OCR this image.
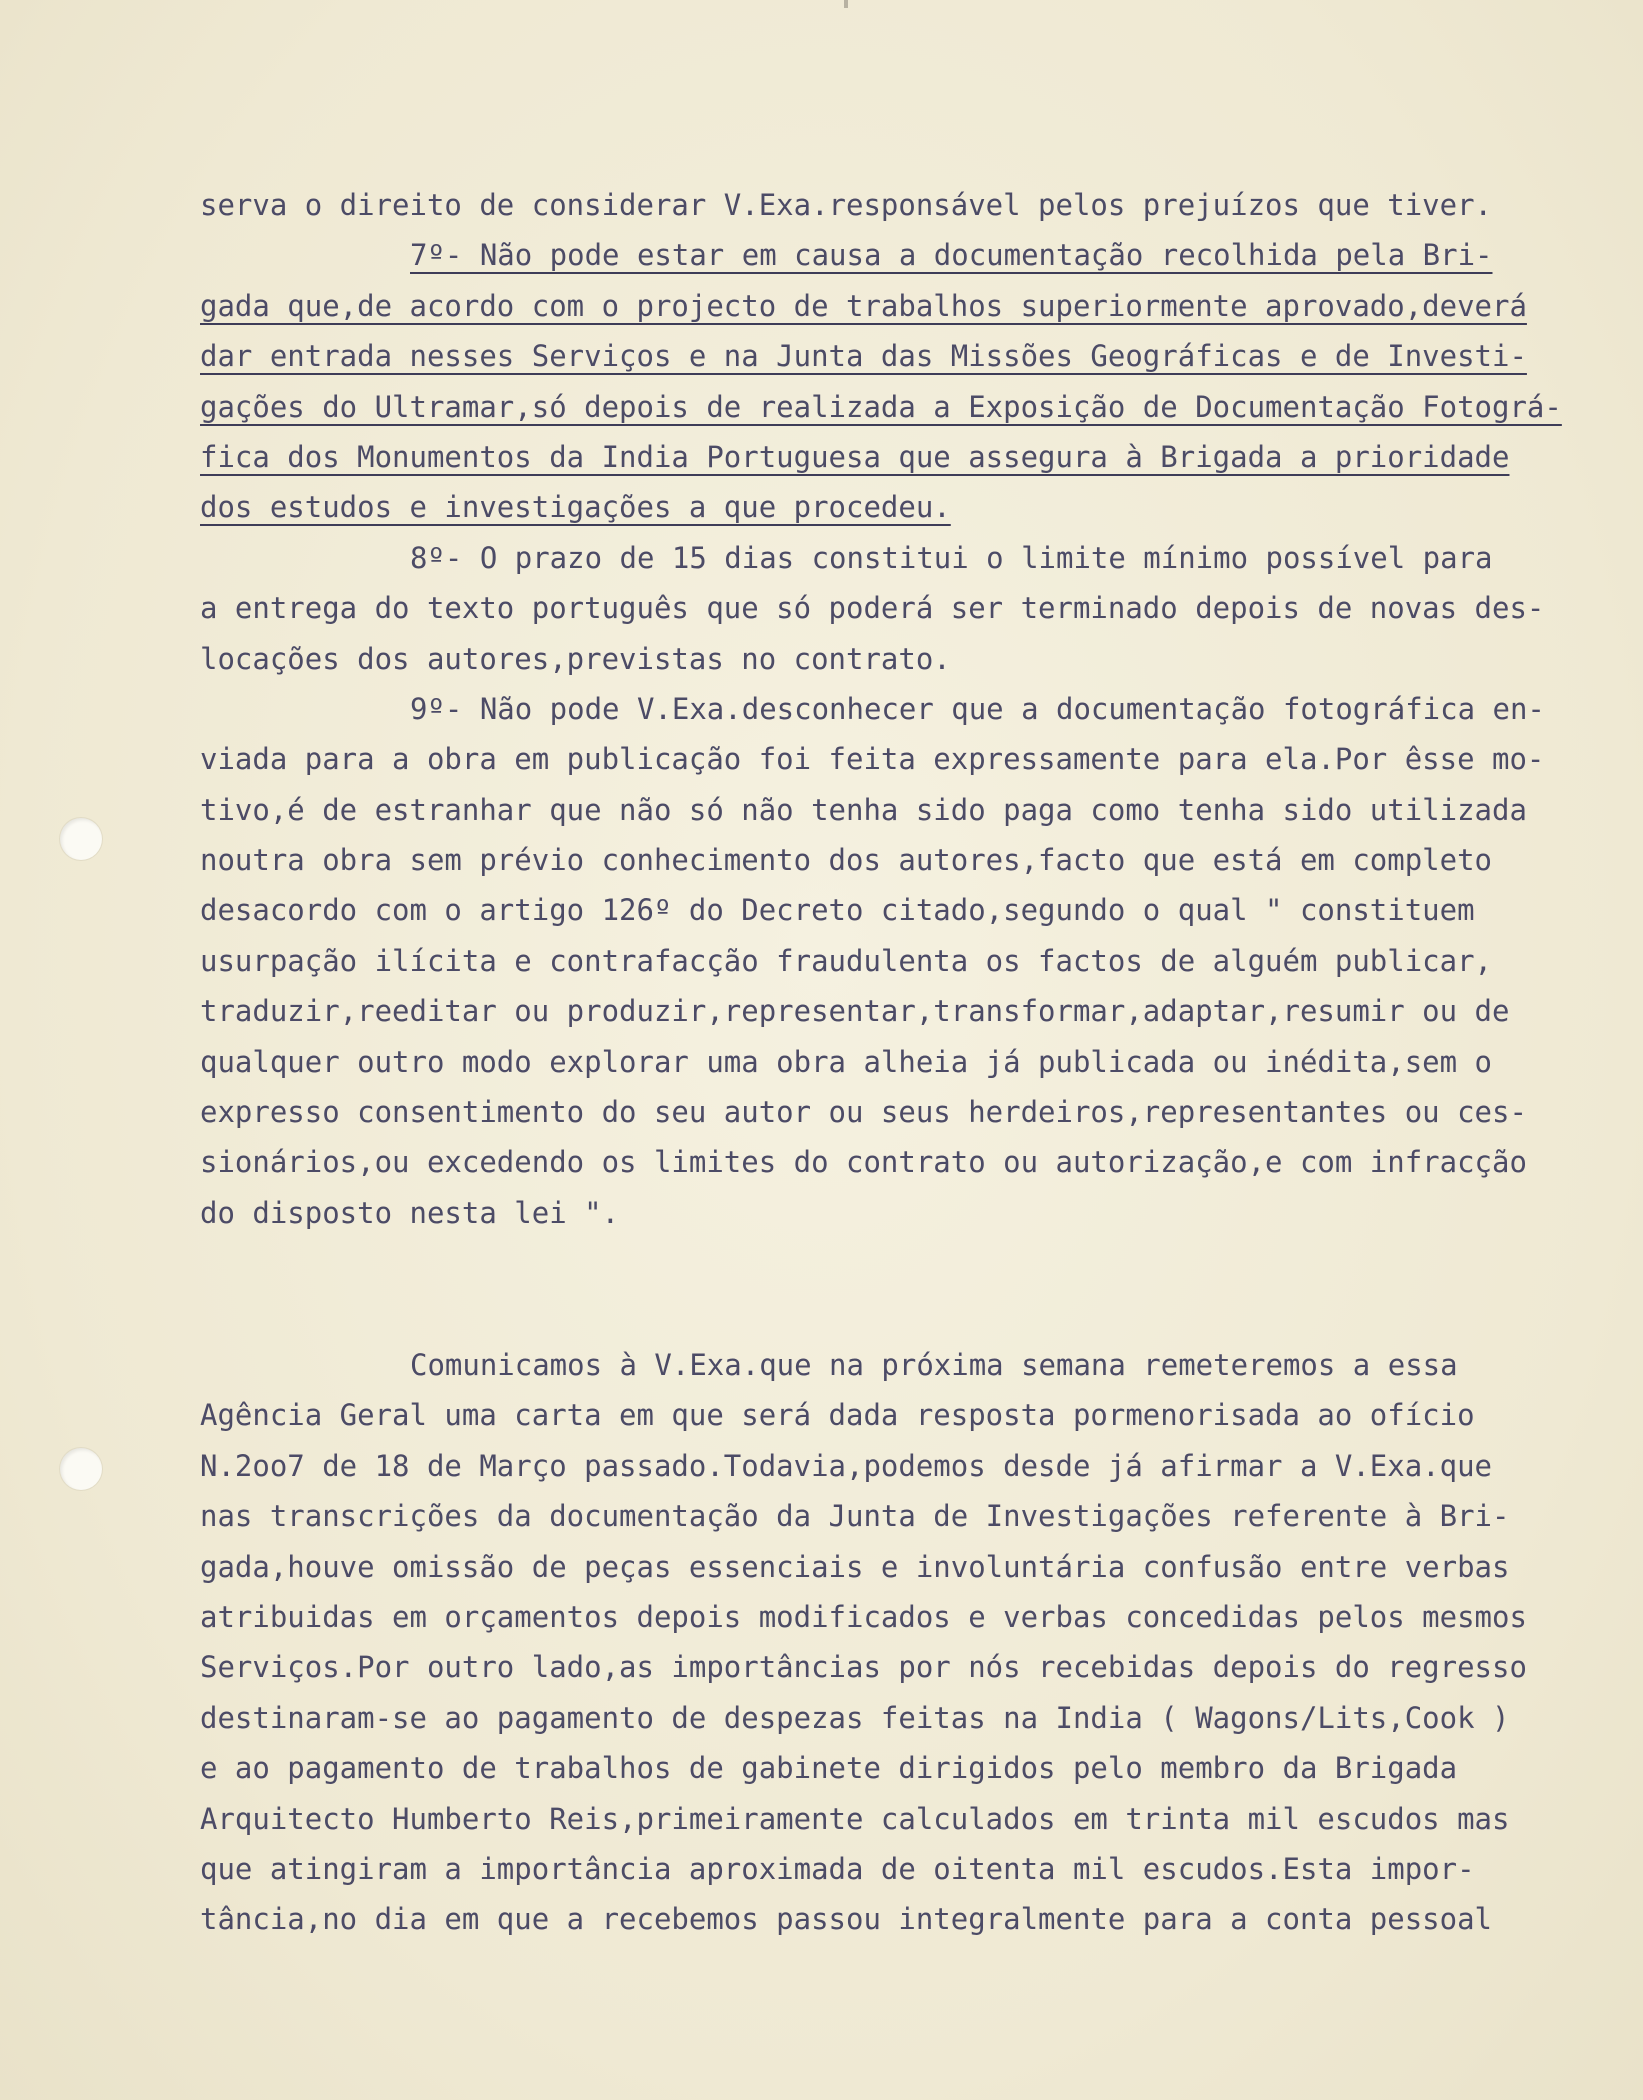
serva o direito de considerar V.Exa.responsável pelos prejuízos que tiver.
7º- Não pode estar em causa a documentação recolhida pela Bri-
gada que,de acordo com o projecto de trabalhos superiormente aprovado,deverá
dar entrada nesses Serviços e na Junta das Missões Geográficas e de Investi-
gações do Ultramar,só depois de realizada a Exposição de Documentação Fotográ-
fica dos Monumentos da India Portuguesa que assegura à Brigada a prioridade
dos estudos e investigações a que procedeu.
8º- O prazo de 15 dias constitui o limite mínimo possível para
a entrega do texto português que só poderá ser terminado depois de novas des-
locações dos autores,previstas no contrato.
9º- Não pode V.Exa.desconhecer que a documentação fotográfica en-
viada para a obra em publicação foi feita expressamente para ela.Por êsse mo-
tivo,é de estranhar que não só não tenha sido paga como tenha sido utilizada
noutra obra sem prévio conhecimento dos autores,facto que está em completo
desacordo com o artigo 126º do Decreto citado,segundo o qual " constituem
usurpação ilícita e contrafacção fraudulenta os factos de alguém publicar,
traduzir,reeditar ou produzir,representar,transformar,adaptar,resumir ou de
qualquer outro modo explorar uma obra alheia já publicada ou inédita,sem o
expresso consentimento do seu autor ou seus herdeiros,representantes ou ces-
sionários,ou excedendo os limites do contrato ou autorização,e com infracção
do disposto nesta lei ".
Comunicamos à V.Exa.que na próxima semana remeteremos a essa
Agência Geral uma carta em que será dada resposta pormenorisada ao ofício
N.2oo7 de 18 de Março passado.Todavia,podemos desde já afirmar a V.Exa.que
nas transcrições da documentação da Junta de Investigações referente à Bri-
gada,houve omissão de peças essenciais e involuntária confusão entre verbas
atribuidas em orçamentos depois modificados e verbas concedidas pelos mesmos
Serviços.Por outro lado,as importâncias por nós recebidas depois do regresso
destinaram-se ao pagamento de despezas feitas na India ( Wagons/Lits,Cook )
e ao pagamento de trabalhos de gabinete dirigidos pelo membro da Brigada
Arquitecto Humberto Reis,primeiramente calculados em trinta mil escudos mas
que atingiram a importância aproximada de oitenta mil escudos.Esta impor-
tância,no dia em que a recebemos passou integralmente para a conta pessoal
